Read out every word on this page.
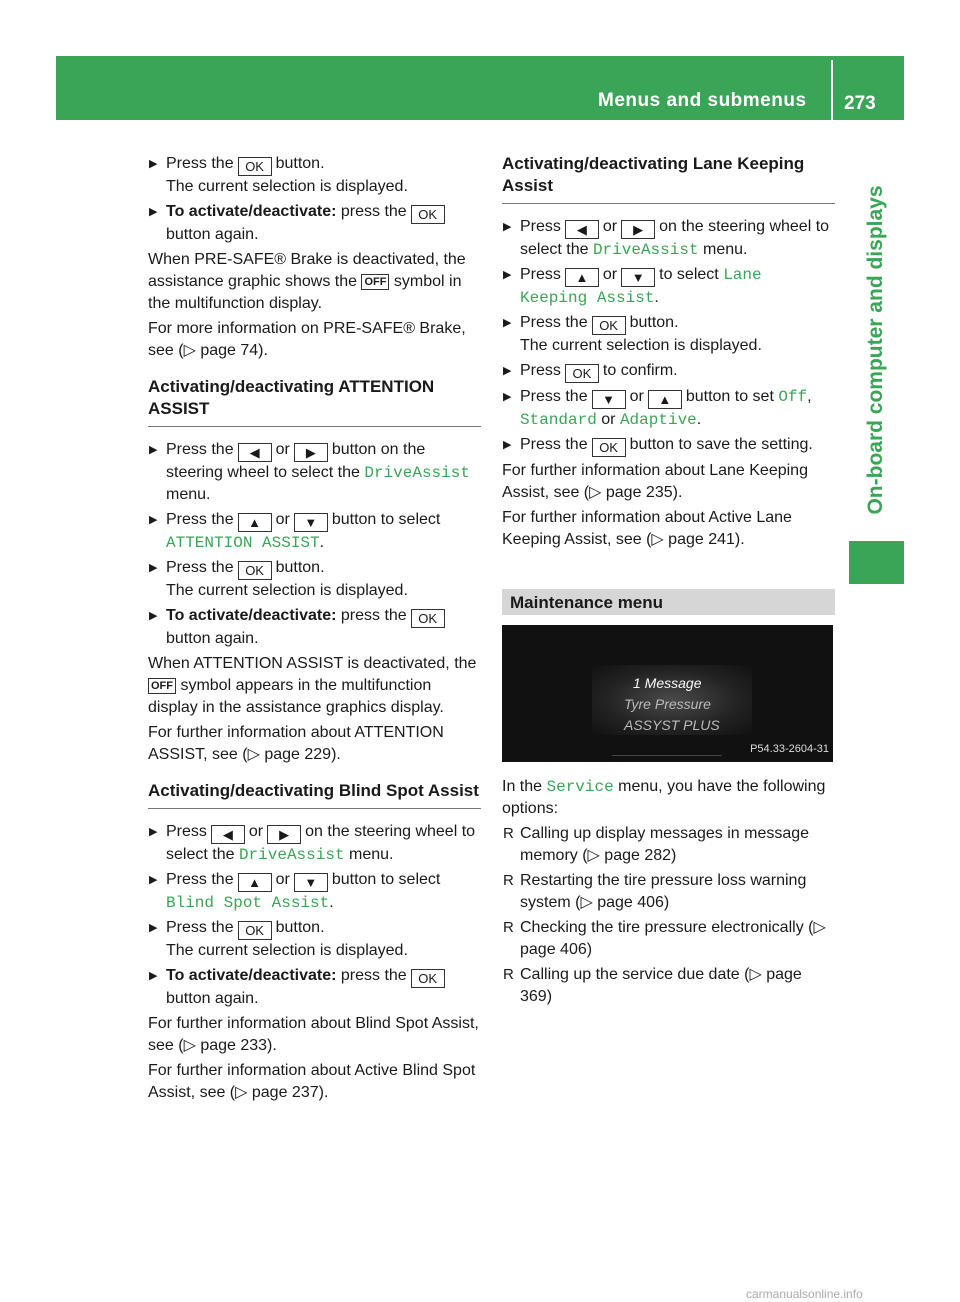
Menus and submenus 273
On-board computer and displays
▶ Press the OK button.
The current selection is displayed.
▶ To activate/deactivate: press the OK
button again.

When PRE-SAFE® Brake is deactivated, the assistance graphic shows the OFF symbol in the multifunction display.

For more information on PRE-SAFE® Brake, see (▷ page 74).

Activating/deactivating ATTENTION ASSIST
▶ Press the ◀ or ▶ button on the steering wheel to select the DriveAssist
menu.
▶ Press the ▲ or ▼ button to select
ATTENTION ASSIST.
▶ Press the OK button.
The current selection is displayed.
▶ To activate/deactivate: press the OK
button again.

When ATTENTION ASSIST is deactivated, the OFF symbol appears in the multifunction display in the assistance graphics display.

For further information about ATTENTION ASSIST, see (▷ page 229).

Activating/deactivating Blind Spot Assist
▶ Press ◀ or ▶ on the steering wheel to select the DriveAssist menu.
▶ Press the ▲ or ▼ button to select
Blind Spot Assist.
▶ Press the OK button.
The current selection is displayed.
▶ To activate/deactivate: press the OK
button again.

For further information about Blind Spot Assist, see (▷ page 233).

For further information about Active Blind Spot Assist, see (▷ page 237).

Activating/deactivating Lane Keeping Assist
▶ Press ◀ or ▶ on the steering wheel to select the DriveAssist menu.
▶ Press ▲ or ▼ to select Lane Keeping Assist.
▶ Press the OK button.
The current selection is displayed.
▶ Press OK to confirm.
▶ Press the ▼ or ▲ button to set Off, Standard or Adaptive.
▶ Press the OK button to save the setting.

For further information about Lane Keeping Assist, see (▷ page 235).

For further information about Active Lane Keeping Assist, see (▷ page 241).

Maintenance menu
1 Message
Tyre Pressure
ASSYST PLUS
P54.33-2604-31

In the Service menu, you have the following options:

R Calling up display messages in message memory (▷ page 282)
R Restarting the tire pressure loss warning system (▷ page 406)
R Checking the tire pressure electronically (▷ page 406)
R Calling up the service due date (▷ page 369)
carmanualsonline.info
